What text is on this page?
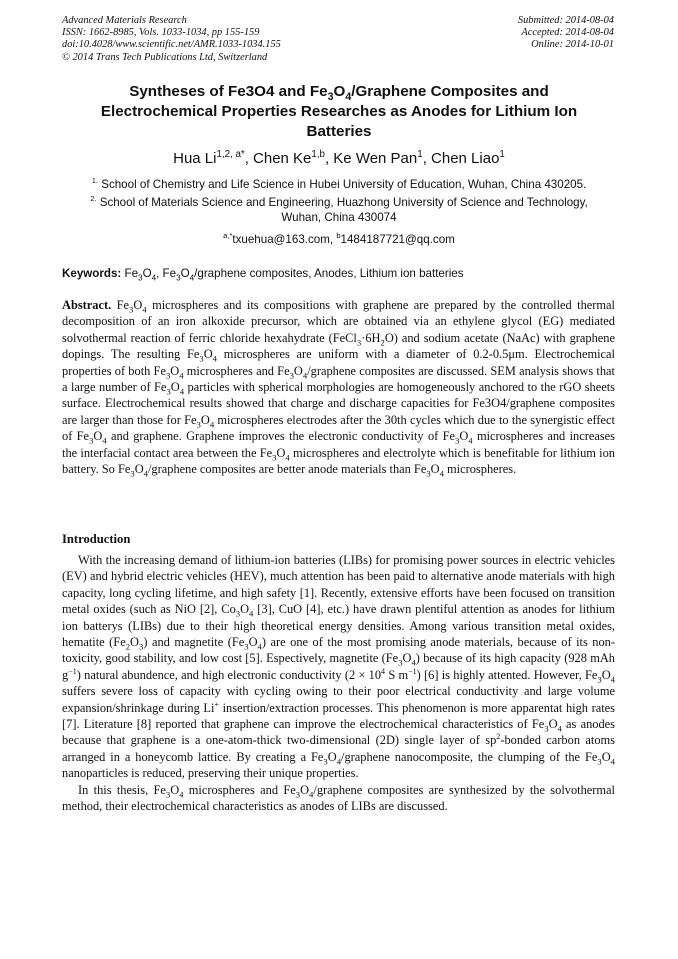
Advanced Materials Research
ISSN: 1662-8985, Vols. 1033-1034, pp 155-159
doi:10.4028/www.scientific.net/AMR.1033-1034.155
© 2014 Trans Tech Publications Ltd, Switzerland
Submitted: 2014-08-04
Accepted: 2014-08-04
Online: 2014-10-01
Syntheses of Fe3O4 and $Fe_3O_4$/Graphene Composites and
Electrochemical Properties Researches as Anodes for Lithium Ion
Batteries
Hua $Li^{1,2, a*}$, Chen Ke$^{1,b}$, Ke Wen Pan$^1$, Chen Liao$^1$
$^{1.}$ School of Chemistry and Life Science in Hubei University of Education, Wuhan, China 430205.
$^{2.}$ School of Materials Science and Engineering, Huazhong University of Science and Technology,
Wuhan, China 430074
$^{a,*}$txuehua@163.com, $^b$1484187721@qq.com
Keywords: $Fe_3O_4$, $Fe_3O_4$/graphene composites, Anodes, Lithium ion batteries
Abstract. $Fe_3O_4$ microspheres and its compositions with graphene are prepared by the controlled thermal decomposition of an iron alkoxide precursor, which are obtained via an ethylene glycol (EG) mediated solvothermal reaction of ferric chloride hexahydrate $(FeCl_3\cdot 6H_2O)$ and sodium acetate (NaAc) with graphene dopings. The resulting $Fe_3O_4$ microspheres are uniform with a diameter of 0.2-0.5μm. Electrochemical properties of both $Fe_3O_4$ microspheres and $Fe_3O_4$/graphene composites are discussed. SEM analysis shows that a large number of $Fe_3O_4$ particles with spherical morphologies are homogeneously anchored to the rGO sheets surface. Electrochemical results showed that charge and discharge capacities for Fe3O4/graphene composites are larger than those for $Fe_3O_4$ microspheres electrodes after the 30th cycles which due to the synergistic effect of $Fe_3O_4$ and graphene. Graphene improves the electronic conductivity of $Fe_3O_4$ microspheres and increases the interfacial contact area between the $Fe_3O_4$ microspheres and electrolyte which is benefitable for lithium ion battery. So $Fe_3O_4$/graphene composites are better anode materials than $Fe_3O_4$ microspheres.
Introduction

With the increasing demand of lithium-ion batteries (LIBs) for promising power sources in electric vehicles (EV) and hybrid electric vehicles (HEV), much attention has been paid to alternative anode materials with high capacity, long cycling lifetime, and high safety [1]. Recently, extensive efforts have been focused on transition metal oxides (such as NiO [2], $Co_3O_4$ [3], CuO [4], etc.) have drawn plentiful attention as anodes for lithium ion batterys (LIBs) due to their high theoretical energy densities. Among various transition metal oxides, hematite $(Fe_2O_3)$ and magnetite $(Fe_3O_4)$ are one of the most promising anode materials, because of its non-toxicity, good stability, and low cost [5]. Espectively, magnetite $(Fe_3O_4)$ because of its high capacity (928 mAh $g^{-1}$) natural abundence, and high electronic conductivity ($2 \times 10^4$ S $m^{-1}$) [6] is highly attented. However, $Fe_3O_4$ suffers severe loss of capacity with cycling owing to their poor electrical conductivity and large volume expansion/shrinkage during Li+ insertion/extraction processes. This phenomenon is more apparentat high rates [7]. Literature [8] reported that graphene can improve the electrochemical characteristics of $Fe_3O_4$ as anodes because that graphene is a one-atom-thick two-dimensional (2D) single layer of $sp^2$-bonded carbon atoms arranged in a honeycomb lattice. By creating a $Fe_3O_4$/graphene nanocomposite, the clumping of the $Fe_3O_4$ nanoparticles is reduced, preserving their unique properties.

In this thesis, $Fe_3O_4$ microspheres and $Fe_3O_4$/graphene composites are synthesized by the solvothermal method, their electrochemical characteristics as anodes of LIBs are discussed.
